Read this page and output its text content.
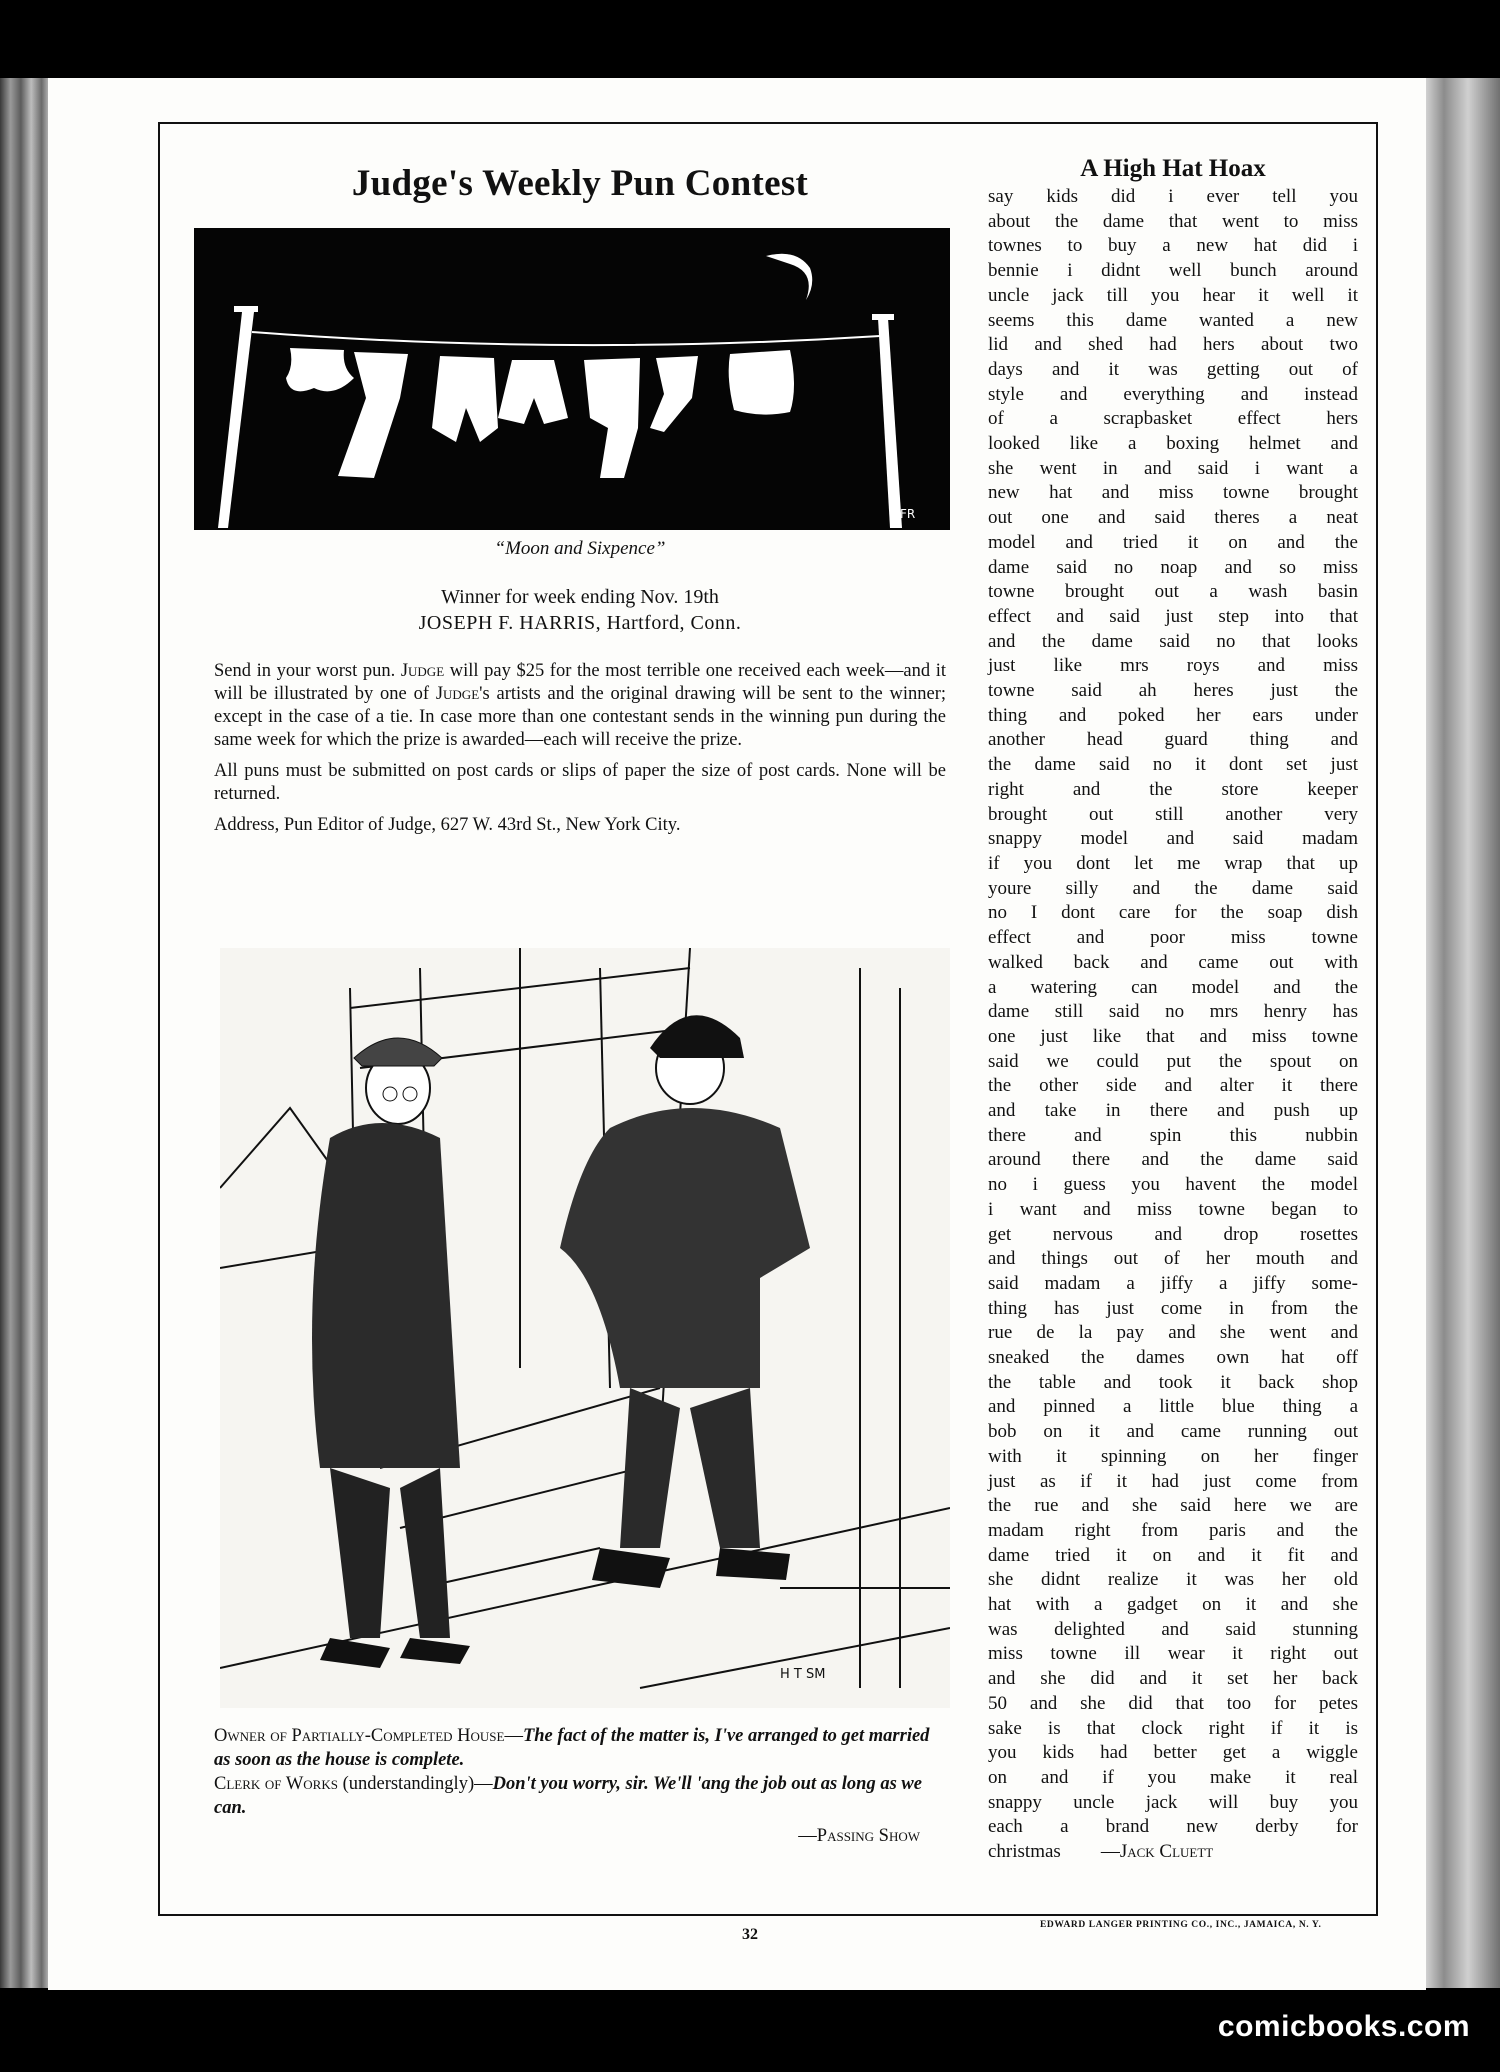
Judge's Weekly Pun Contest
FR
“Moon and Sixpence”
Winner for week ending Nov. 19th
JOSEPH F. HARRIS, Hartford, Conn.

Send in your worst pun. Judge will pay $25 for the most terrible one received each week—and it will be illustrated by one of Judge's artists and the original drawing will be sent to the winner; except in the case of a tie. In case more than one contestant sends in the winning pun during the same week for which the prize is awarded—each will receive the prize.

All puns must be submitted on post cards or slips of paper the size of post cards. None will be returned.

Address, Pun Editor of Judge, 627 W. 43rd St., New York City.

H T SM

Owner of Partially-Completed House—The fact of the matter is, I've arranged to get married as soon as the house is complete.

Clerk of Works (understandingly)—Don't you worry, sir. We'll 'ang the job out as long as we can.

—Passing Show

A High Hat Hoax
say kids did i ever tell you
about the dame that went to miss
townes to buy a new hat did i
bennie i didnt well bunch around
uncle jack till you hear it well it
seems this dame wanted a new
lid and shed had hers about two
days and it was getting out of
style and everything and instead
of a scrapbasket effect hers
looked like a boxing helmet and
she went in and said i want a
new hat and miss towne brought
out one and said theres a neat
model and tried it on and the
dame said no noap and so miss
towne brought out a wash basin
effect and said just step into that
and the dame said no that looks
just like mrs roys and miss
towne said ah heres just the
thing and poked her ears under
another head guard thing and
the dame said no it dont set just
right and the store keeper
brought out still another very
snappy model and said madam
if you dont let me wrap that up
youre silly and the dame said
no I dont care for the soap dish
effect and poor miss towne
walked back and came out with
a watering can model and the
dame still said no mrs henry has
one just like that and miss towne
said we could put the spout on
the other side and alter it there
and take in there and push up
there and spin this nubbin
around there and the dame said
no i guess you havent the model
i want and miss towne began to
get nervous and drop rosettes
and things out of her mouth and
said madam a jiffy a jiffy some-
thing has just come in from the
rue de la pay and she went and
sneaked the dames own hat off
the table and took it back shop
and pinned a little blue thing a
bob on it and came running out
with it spinning on her finger
just as if it had just come from
the rue and she said here we are
madam right from paris and the
dame tried it on and it fit and
she didnt realize it was her old
hat with a gadget on it and she
was delighted and said stunning
miss towne ill wear it right out
and she did and it set her back
50 and she did that too for petes
sake is that clock right if it is
you kids had better get a wiggle
on and if you make it real
snappy uncle jack will buy you
each a brand new derby for
christmas —Jack Cluett
EDWARD LANGER PRINTING CO., INC., JAMAICA, N. Y.
32
comicbooks.com
